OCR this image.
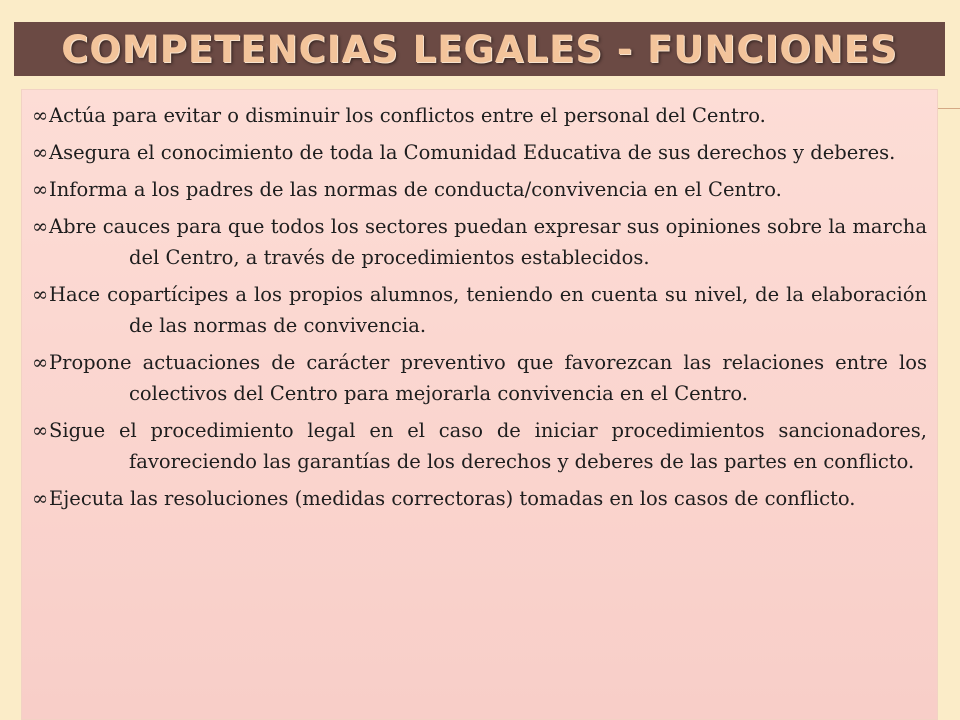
COMPETENCIAS LEGALES - FUNCIONES
∞ Actúa para evitar o disminuir los conflictos entre el personal del Centro.
∞ Asegura el conocimiento de toda la Comunidad Educativa de sus derechos y deberes.
∞ Informa a los padres de las normas de conducta/convivencia en el Centro.
∞ Abre cauces para que todos los sectores puedan expresar sus opiniones sobre la marcha del Centro, a través de procedimientos establecidos.
∞ Hace copartícipes a los propios alumnos, teniendo en cuenta su nivel, de la elaboración de las normas de convivencia.
∞ Propone actuaciones de carácter preventivo que favorezcan las relaciones entre los colectivos del Centro para mejorarla convivencia en el Centro.
∞ Sigue el procedimiento legal en el caso de iniciar procedimientos sancionadores, favoreciendo las garantías de los derechos y deberes de las partes en conflicto.
∞ Ejecuta las resoluciones (medidas correctoras) tomadas en los casos de conflicto.
